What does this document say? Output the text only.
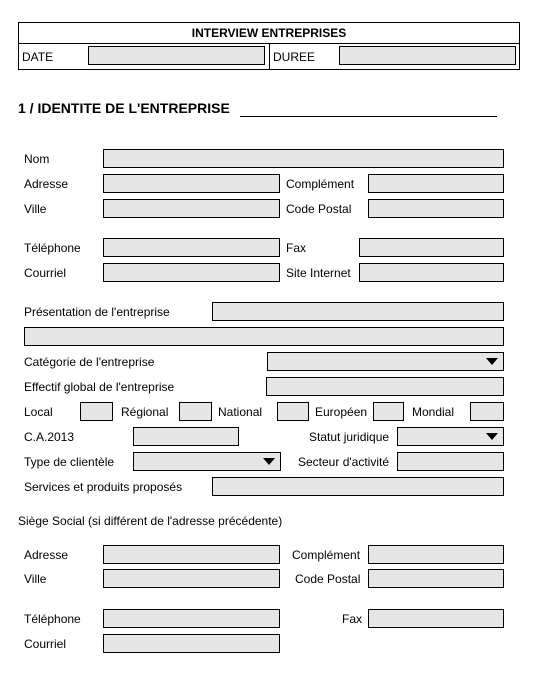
INTERVIEW ENTREPRISES
DATE	DUREE
1 / IDENTITE DE L'ENTREPRISE
Nom
Adresse	Complément
Ville	Code Postal
Téléphone	Fax
Courriel	Site Internet
Présentation de l'entreprise
Catégorie de l'entreprise
Effectif global de l'entreprise
Local	Régional	National	Européen	Mondial
C.A.2013	Statut juridique
Type de clientèle	Secteur d'activité
Services et produits proposés
Siège Social (si différent de l'adresse précédente)
Adresse	Complément
Ville	Code Postal
Téléphone	Fax
Courriel
